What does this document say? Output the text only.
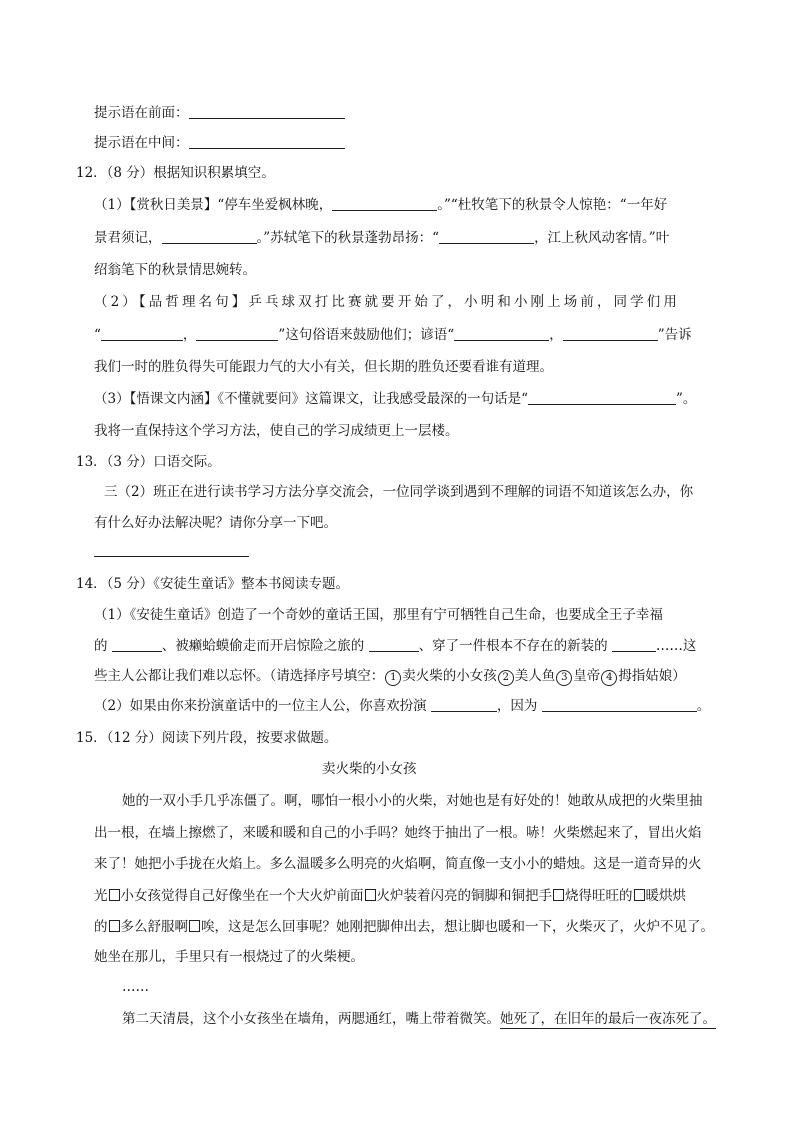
提示语在前面：
提示语在中间：
12．（8 分）根据知识积累填空。
（1）【赏秋日美景】“停车坐爱枫林晚，	。”“杜牧笔下的秋景令人惊艳：“一年好
景君须记，	。”苏轼笔下的秋景蓬勃昂扬：“	，江上秋风动客情。”叶
绍翁笔下的秋景情思婉转。
（2）【品哲理名句】乒乓球双打比赛就要开始了，小明和小刚上场前，同学们用
“	，	”这句俗语来鼓励他们；谚语“	，	”告诉
我们一时的胜负得失可能跟力气的大小有关，但长期的胜负还要看谁有道理。
（3）【悟课文内涵】《不懂就要问》这篇课文，让我感受最深的一句话是“	”。
我将一直保持这个学习方法，使自己的学习成绩更上一层楼。
13．（3 分）口语交际。
三（2）班正在进行读书学习方法分享交流会，一位同学谈到遇到不理解的词语不知道该怎么办，你
有什么好办法解决呢？请你分享一下吧。
14．（5 分）《安徒生童话》整本书阅读专题。
（1）《安徒生童话》创造了一个奇妙的童话王国，那里有宁可牺牲自己生命，也要成全王子幸福
的	、被癞蛤蟆偷走而开启惊险之旅的	、穿了一件根本不存在的新装的	……这
些主人公都让我们难以忘怀。（请选择序号填空： 1 卖火柴的小女孩 2 美人鱼 3 皇帝 4 拇指姑娘）
（2）如果由你来扮演童话中的一位主人公，你喜欢扮演	，因为	。
15．（12 分）阅读下列片段，按要求做题。
卖火柴的小女孩
她的一双小手几乎冻僵了。啊，哪怕一根小小的火柴，对她也是有好处的！她敢从成把的火柴里抽
出一根，在墙上擦燃了，来暖和暖和自己的小手吗？她终于抽出了一根。哧！火柴燃起来了，冒出火焰
来了！她把小手拢在火焰上。多么温暖多么明亮的火焰啊，简直像一支小小的蜡烛。这是一道奇异的火
光 小女孩觉得自己好像坐在一个大火炉前面 火炉装着闪亮的铜脚和铜把手 烧得旺旺的 暖烘烘
的 多么舒服啊 唉，这是怎么回事呢？她刚把脚伸出去，想让脚也暖和一下，火柴灭了，火炉不见了。
她坐在那儿，手里只有一根烧过了的火柴梗。
……
第二天清晨，这个小女孩坐在墙角，两腮通红，嘴上带着微笑。她死了，在旧年的最后一夜冻死了。
